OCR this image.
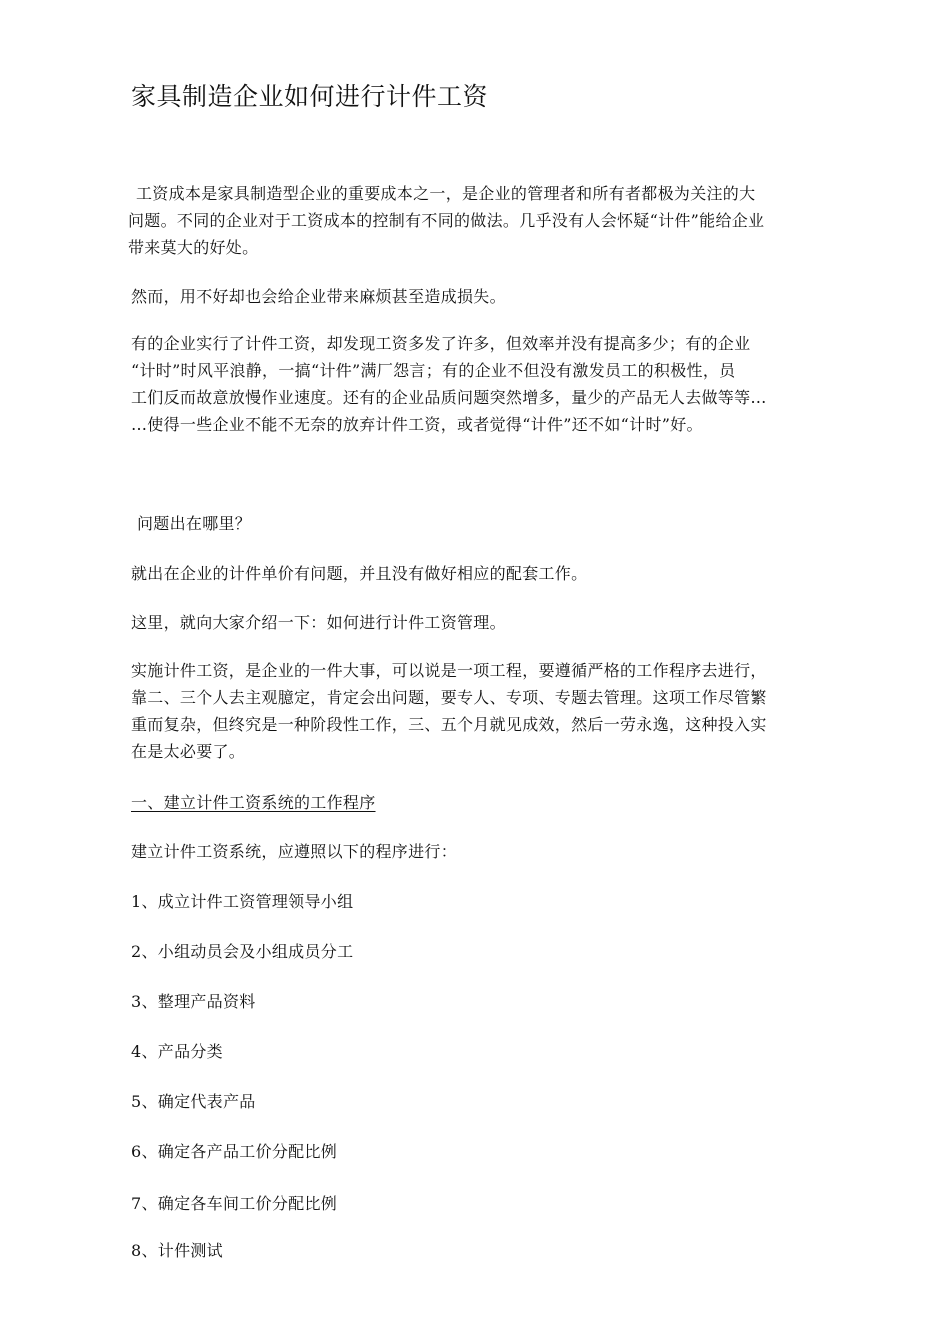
家具制造企业如何进行计件工资
工资成本是家具制造型企业的重要成本之一，是企业的管理者和所有者都极为关注的大
问题。不同的企业对于工资成本的控制有不同的做法。几乎没有人会怀疑“计件”能给企业
带来莫大的好处。
然而，用不好却也会给企业带来麻烦甚至造成损失。
有的企业实行了计件工资，却发现工资多发了许多，但效率并没有提高多少；有的企业
“计时”时风平浪静，一搞“计件”满厂怨言；有的企业不但没有激发员工的积极性，员
工们反而故意放慢作业速度。还有的企业品质问题突然增多，量少的产品无人去做等等…
…使得一些企业不能不无奈的放弃计件工资，或者觉得“计件”还不如“计时”好。
问题出在哪里？
就出在企业的计件单价有问题，并且没有做好相应的配套工作。
这里，就向大家介绍一下：如何进行计件工资管理。
实施计件工资，是企业的一件大事，可以说是一项工程，要遵循严格的工作程序去进行，
靠二、三个人去主观臆定，肯定会出问题，要专人、专项、专题去管理。这项工作尽管繁
重而复杂，但终究是一种阶段性工作，三、五个月就见成效，然后一劳永逸，这种投入实
在是太必要了。
一、建立计件工资系统的工作程序
建立计件工资系统，应遵照以下的程序进行：
1、成立计件工资管理领导小组
2、小组动员会及小组成员分工
3、整理产品资料
4、产品分类
5、确定代表产品
6、确定各产品工价分配比例
7、确定各车间工价分配比例
8、计件测试
